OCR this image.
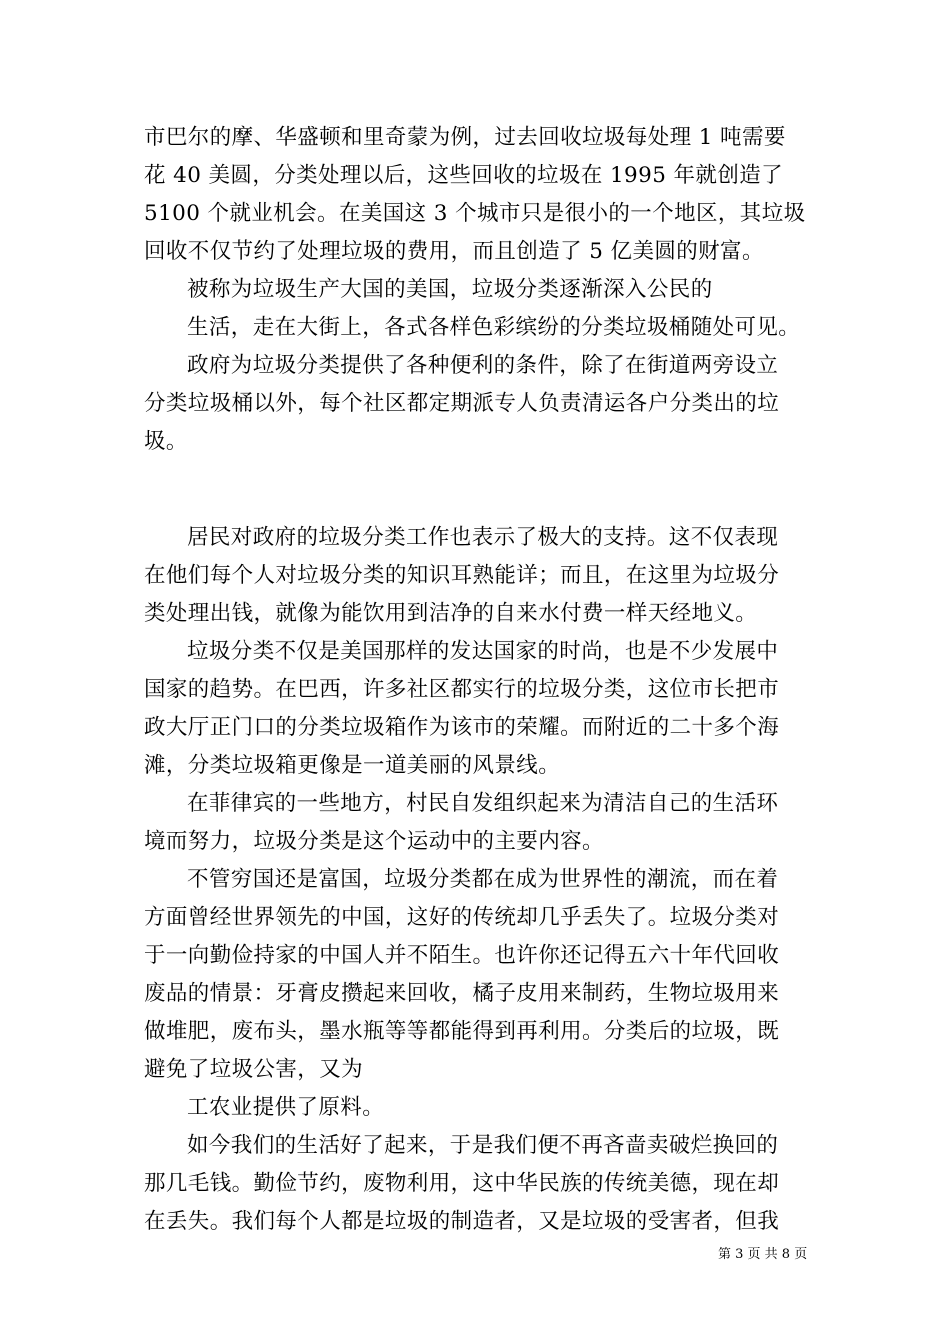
市巴尔的摩、华盛顿和里奇蒙为例，过去回收垃圾每处理 1 吨需要
花 40 美圆，分类处理以后，这些回收的垃圾在 1995 年就创造了
5100 个就业机会。在美国这 3 个城市只是很小的一个地区，其垃圾
回收不仅节约了处理垃圾的费用，而且创造了 5 亿美圆的财富。
被称为垃圾生产大国的美国，垃圾分类逐渐深入公民的
生活，走在大街上，各式各样色彩缤纷的分类垃圾桶随处可见。
政府为垃圾分类提供了各种便利的条件，除了在街道两旁设立
分类垃圾桶以外，每个社区都定期派专人负责清运各户分类出的垃
圾。
居民对政府的垃圾分类工作也表示了极大的支持。这不仅表现
在他们每个人对垃圾分类的知识耳熟能详；而且，在这里为垃圾分
类处理出钱，就像为能饮用到洁净的自来水付费一样天经地义。
垃圾分类不仅是美国那样的发达国家的时尚，也是不少发展中
国家的趋势。在巴西，许多社区都实行的垃圾分类，这位市长把市
政大厅正门口的分类垃圾箱作为该市的荣耀。而附近的二十多个海
滩，分类垃圾箱更像是一道美丽的风景线。
在菲律宾的一些地方，村民自发组织起来为清洁自己的生活环
境而努力，垃圾分类是这个运动中的主要内容。
不管穷国还是富国，垃圾分类都在成为世界性的潮流，而在着
方面曾经世界领先的中国，这好的传统却几乎丢失了。垃圾分类对
于一向勤俭持家的中国人并不陌生。也许你还记得五六十年代回收
废品的情景：牙膏皮攒起来回收，橘子皮用来制药，生物垃圾用来
做堆肥，废布头，墨水瓶等等都能得到再利用。分类后的垃圾，既
避免了垃圾公害，又为
工农业提供了原料。
如今我们的生活好了起来，于是我们便不再吝啬卖破烂换回的
那几毛钱。勤俭节约，废物利用，这中华民族的传统美德，现在却
在丢失。我们每个人都是垃圾的制造者，又是垃圾的受害者，但我
第 3 页 共 8 页
